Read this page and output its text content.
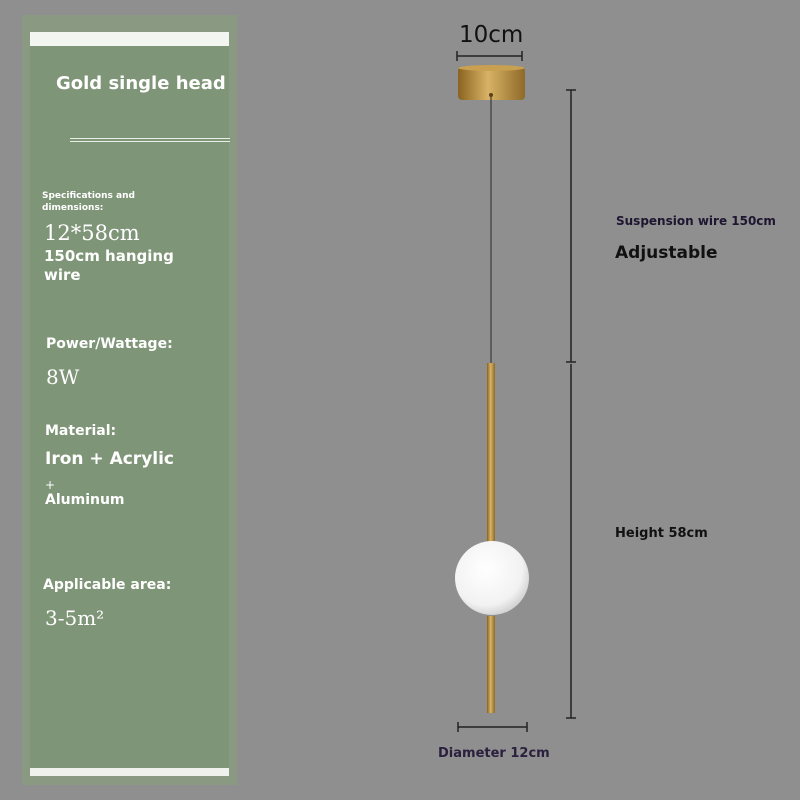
Gold single head
Specifications and dimensions:
12*58cm
150cm hanging wire
Power/Wattage:
8W
Material:
Iron + Acrylic
+
Aluminum
Applicable area:
3-5m²
10cm
Suspension wire 150cm
Adjustable
Height 58cm
Diameter 12cm
